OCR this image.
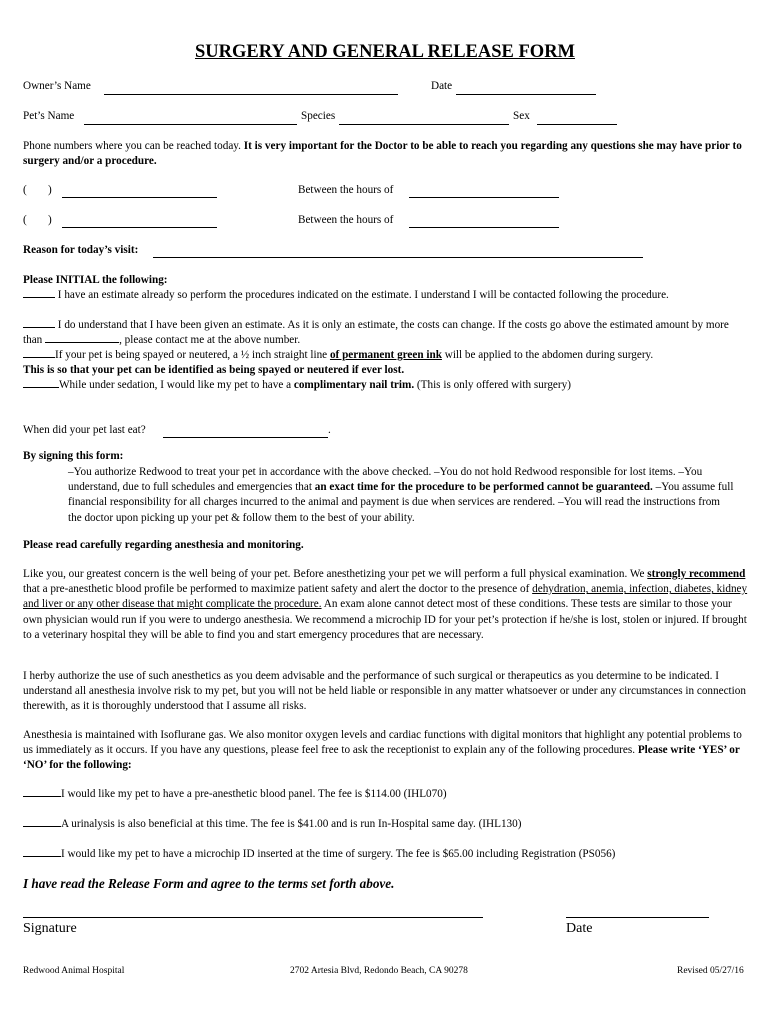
SURGERY AND GENERAL RELEASE FORM
Owner’s Name	Date
Pet’s Name	Species	Sex
Phone numbers where you can be reached today. It is very important for the Doctor to be able to reach you regarding any questions she may have prior to surgery and/or a procedure.
( )	Between the hours of
( )	Between the hours of
Reason for today’s visit:
Please INITIAL the following:
I have an estimate already so perform the procedures indicated on the estimate. I understand I will be contacted following the procedure.
I do understand that I have been given an estimate. As it is only an estimate, the costs can change. If the costs go above the estimated amount by more than	, please contact me at the above number.
If your pet is being spayed or neutered, a ½ inch straight line of permanent green ink will be applied to the abdomen during surgery.
This is so that your pet can be identified as being spayed or neutered if ever lost.
While under sedation, I would like my pet to have a complimentary nail trim. (This is only offered with surgery)
When did your pet last eat?	.
By signing this form:
–You authorize Redwood to treat your pet in accordance with the above checked. –You do not hold Redwood responsible for lost items. –You understand, due to full schedules and emergencies that an exact time for the procedure to be performed cannot be guaranteed. –You assume full financial responsibility for all charges incurred to the animal and payment is due when services are rendered. –You will read the instructions from the doctor upon picking up your pet & follow them to the best of your ability.
Please read carefully regarding anesthesia and monitoring.
Like you, our greatest concern is the well being of your pet. Before anesthetizing your pet we will perform a full physical examination. We strongly recommend that a pre-anesthetic blood profile be performed to maximize patient safety and alert the doctor to the presence of dehydration, anemia, infection, diabetes, kidney and liver or any other disease that might complicate the procedure. An exam alone cannot detect most of these conditions. These tests are similar to those your own physician would run if you were to undergo anesthesia. We recommend a microchip ID for your pet’s protection if he/she is lost, stolen or injured. If brought to a veterinary hospital they will be able to find you and start emergency procedures that are necessary.
I herby authorize the use of such anesthetics as you deem advisable and the performance of such surgical or therapeutics as you determine to be indicated. I understand all anesthesia involve risk to my pet, but you will not be held liable or responsible in any matter whatsoever or under any circumstances in connection therewith, as it is thoroughly understood that I assume all risks.
Anesthesia is maintained with Isoflurane gas. We also monitor oxygen levels and cardiac functions with digital monitors that highlight any potential problems to us immediately as it occurs. If you have any questions, please feel free to ask the receptionist to explain any of the following procedures. Please write ‘YES’ or ‘NO’ for the following:
I would like my pet to have a pre-anesthetic blood panel. The fee is $114.00 (IHL070)
A urinalysis is also beneficial at this time. The fee is $41.00 and is run In-Hospital same day. (IHL130)
I would like my pet to have a microchip ID inserted at the time of surgery. The fee is $65.00 including Registration (PS056)
I have read the Release Form and agree to the terms set forth above.
Signature	Date
Redwood Animal Hospital	2702 Artesia Blvd, Redondo Beach, CA 90278	Revised 05/27/16
